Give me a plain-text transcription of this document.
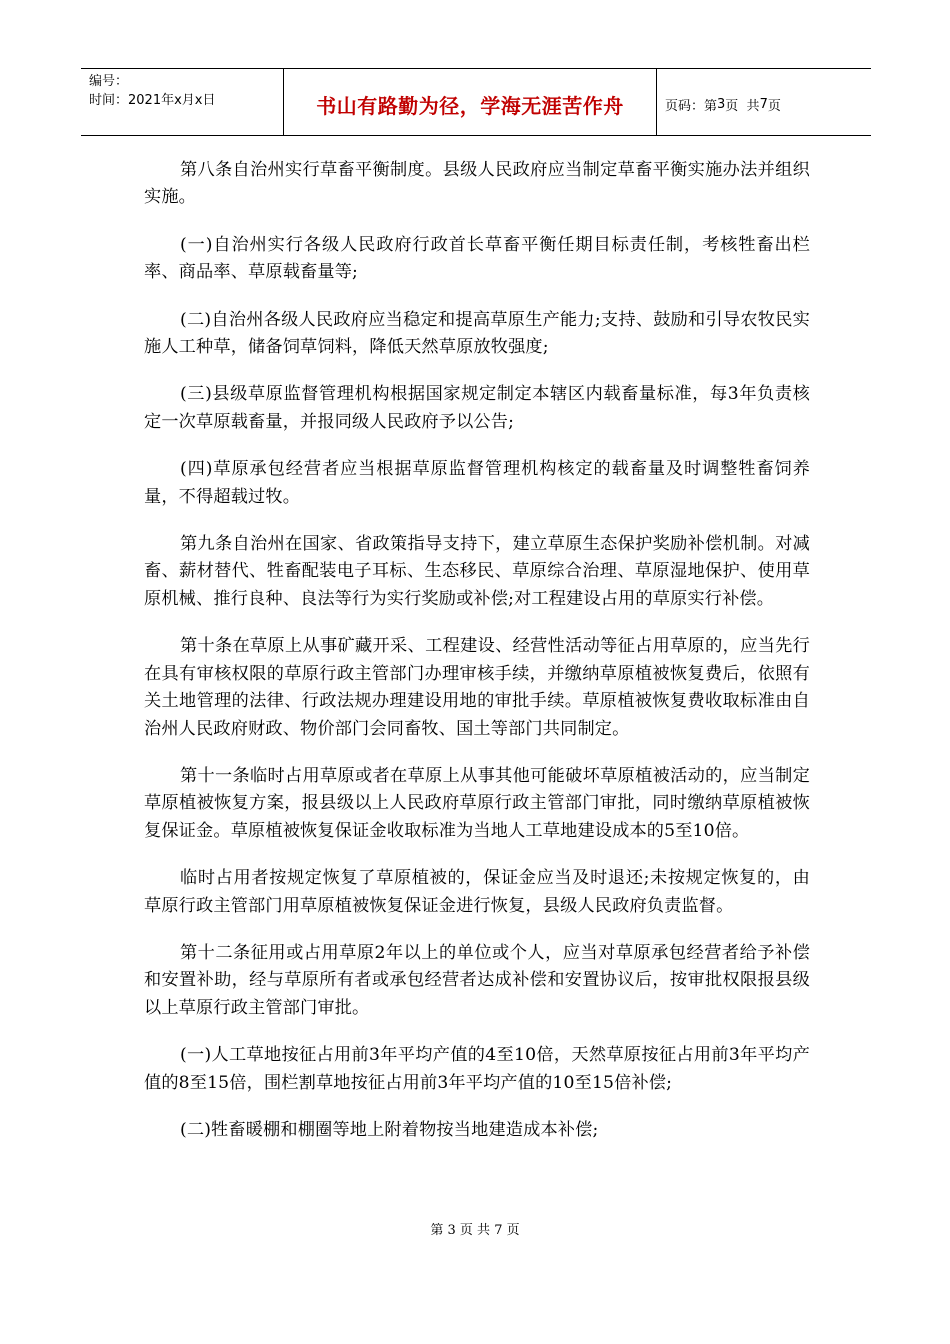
编号：
时间：2021年x月x日	书山有路勤为径，学海无涯苦作舟	页码：第 3 页  共 7 页

第八条自治州实行草畜平衡制度。县级人民政府应当制定草畜平衡实施办法并组织实施。

(一)自治州实行各级人民政府行政首长草畜平衡任期目标责任制，考核牲畜出栏率、商品率、草原载畜量等;

(二)自治州各级人民政府应当稳定和提高草原生产能力;支持、鼓励和引导农牧民实施人工种草，储备饲草饲料，降低天然草原放牧强度;

(三)县级草原监督管理机构根据国家规定制定本辖区内载畜量标准，每3年负责核定一次草原载畜量，并报同级人民政府予以公告;

(四)草原承包经营者应当根据草原监督管理机构核定的载畜量及时调整牲畜饲养量，不得超载过牧。

第九条自治州在国家、省政策指导支持下，建立草原生态保护奖励补偿机制。对减畜、薪材替代、牲畜配装电子耳标、生态移民、草原综合治理、草原湿地保护、使用草原机械、推行良种、良法等行为实行奖励或补偿;对工程建设占用的草原实行补偿。

第十条在草原上从事矿藏开采、工程建设、经营性活动等征占用草原的，应当先行在具有审核权限的草原行政主管部门办理审核手续，并缴纳草原植被恢复费后，依照有关土地管理的法律、行政法规办理建设用地的审批手续。草原植被恢复费收取标准由自治州人民政府财政、物价部门会同畜牧、国土等部门共同制定。

第十一条临时占用草原或者在草原上从事其他可能破坏草原植被活动的，应当制定草原植被恢复方案，报县级以上人民政府草原行政主管部门审批，同时缴纳草原植被恢复保证金。草原植被恢复保证金收取标准为当地人工草地建设成本的5至10倍。

临时占用者按规定恢复了草原植被的，保证金应当及时退还;未按规定恢复的，由草原行政主管部门用草原植被恢复保证金进行恢复，县级人民政府负责监督。

第十二条征用或占用草原2年以上的单位或个人，应当对草原承包经营者给予补偿和安置补助，经与草原所有者或承包经营者达成补偿和安置协议后，按审批权限报县级以上草原行政主管部门审批。

(一)人工草地按征占用前3年平均产值的4至10倍，天然草原按征占用前3年平均产值的8至15倍，围栏割草地按征占用前3年平均产值的10至15倍补偿;

(二)牲畜暖棚和棚圈等地上附着物按当地建造成本补偿;

第 3 页 共 7 页
